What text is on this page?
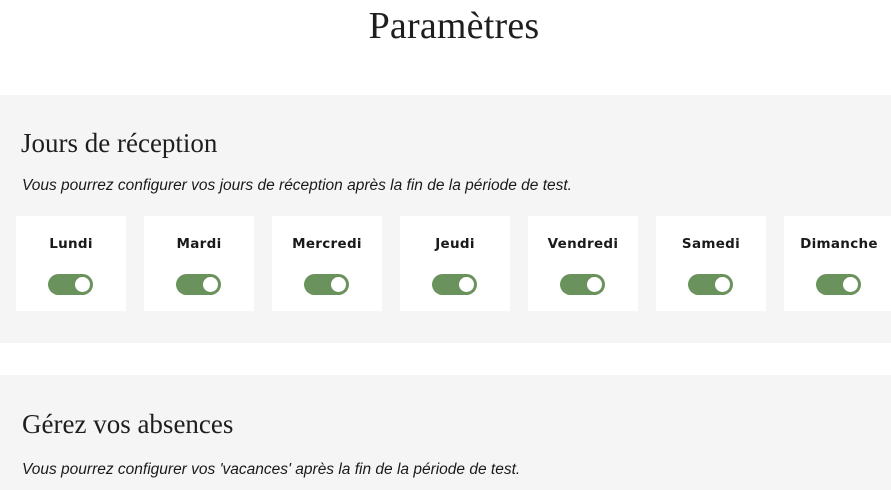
Paramètres
Jours de réception

Vous pourrez configurer vos jours de réception après la fin de la période de test.

Lundi	Mardi	Mercredi	Jeudi	Vendredi	Samedi	Dimanche
Gérez vos absences

Vous pourrez configurer vos 'vacances' après la fin de la période de test.
